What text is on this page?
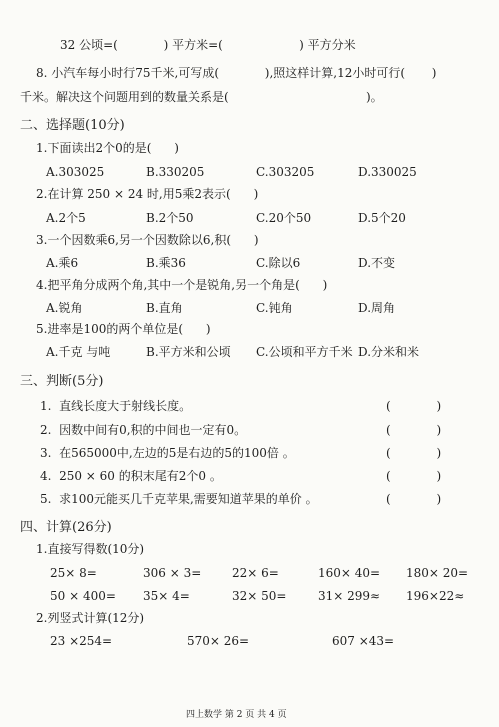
32 公顷=(            ) 平方米=(                    ) 平方分米
8. 小汽车每小时行75千米,可写成(            ),照这样计算,12小时可行(       )
千米。解决这个问题用到的数量关系是(                                    )。
二、选择题(10分)
1.下面读出2个0的是(      )
A.303025	B.330205	C.303205	D.330025
2.在计算 250 × 24 时,用5乘2表示(      )
A.2个5	B.2个50	C.20个50	D.5个20
3.一个因数乘6,另一个因数除以6,积(      )
A.乘6	B.乘36	C.除以6	D.不变
4.把平角分成两个角,其中一个是锐角,另一个角是(      )
A.锐角	B.直角	C.钝角	D.周角
5.进率是100的两个单位是(      )
A.千克 与吨	B.平方米和公顷 C.公顷和平方千米 D.分米和米
三、判断(5分)
1.  直线长度大于射线长度。	(            )
2.  因数中间有0,积的中间也一定有0。	(            )
3.  在565000中,左边的5是右边的5的100倍 。	(            )
4.  250 × 60 的积末尾有2个0 。	(            )
5.  求100元能买几千克苹果,需要知道苹果的单价 。	(            )
四、计算(26分)
1.直接写得数(10分)
25× 8=	306 × 3=	22× 6=	160× 40= 180× 20=
50 × 400= 35× 4=	32× 50=	31× 299≈ 196×22≈
2.列竖式计算(12分)
23 ×254=	570× 26=	607 ×43=
四上数学 第 2 页 共 4 页
